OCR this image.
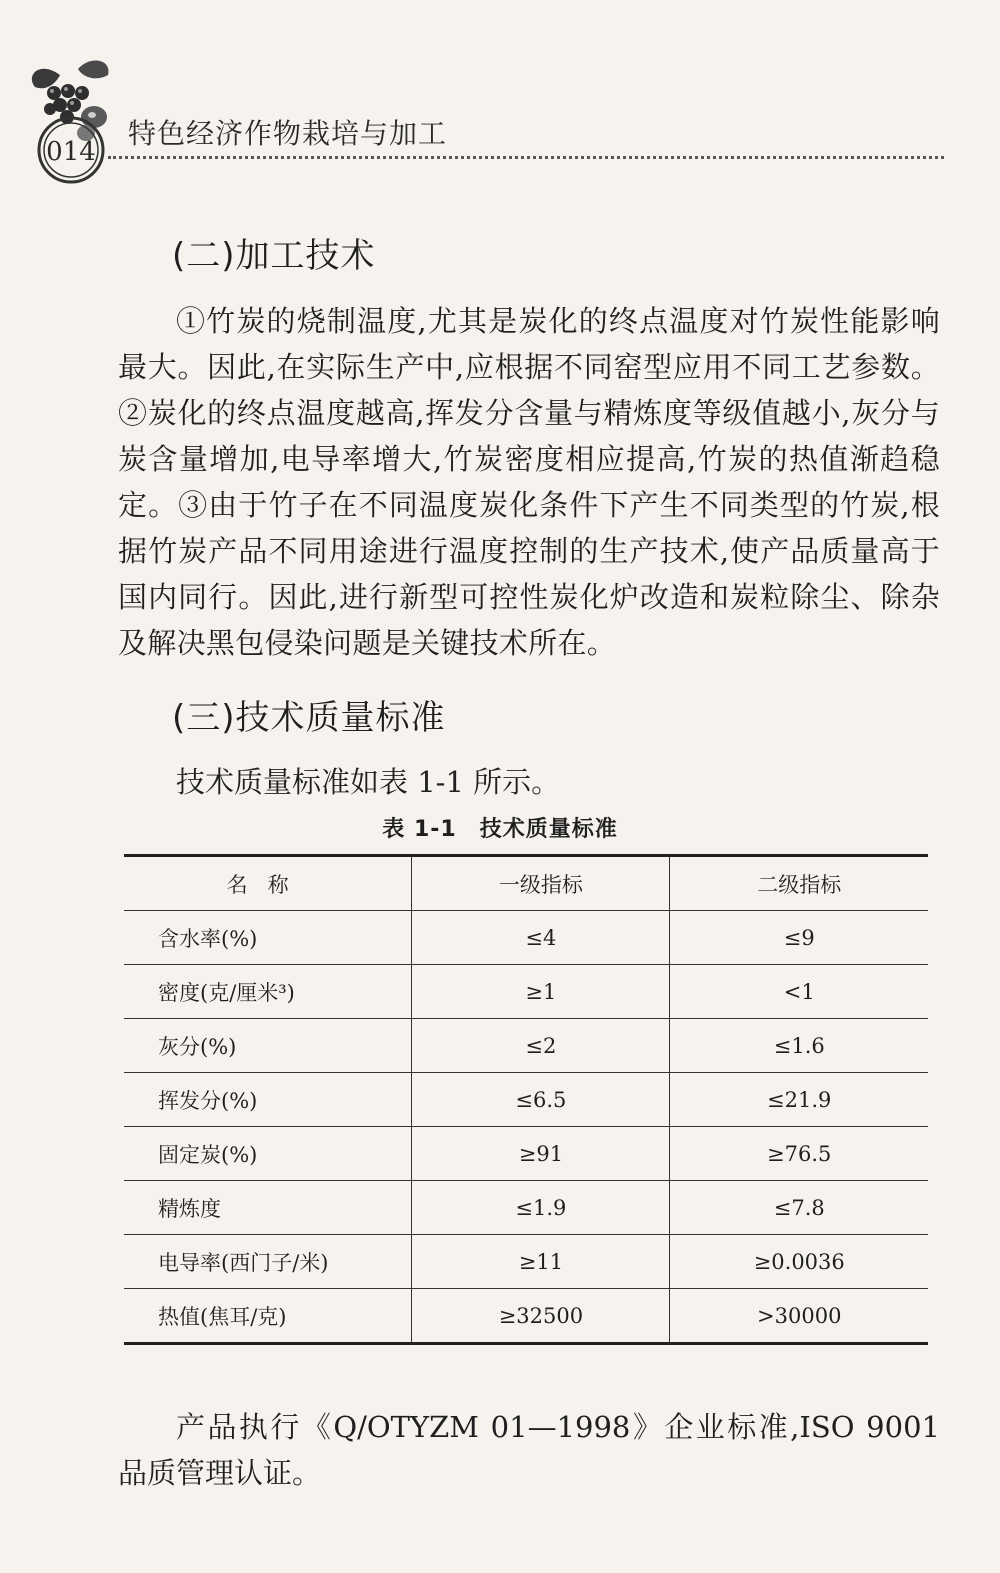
014
特色经济作物栽培与加工
(二)加工技术
①竹炭的烧制温度,尤其是炭化的终点温度对竹炭性能影响最大。因此,在实际生产中,应根据不同窑型应用不同工艺参数。②炭化的终点温度越高,挥发分含量与精炼度等级值越小,灰分与炭含量增加,电导率增大,竹炭密度相应提高,竹炭的热值渐趋稳定。③由于竹子在不同温度炭化条件下产生不同类型的竹炭,根据竹炭产品不同用途进行温度控制的生产技术,使产品质量高于国内同行。因此,进行新型可控性炭化炉改造和炭粒除尘、除杂及解决黑包侵染问题是关键技术所在。
(三)技术质量标准
技术质量标准如表 1-1 所示。
表 1-1　技术质量标准
名称	一级指标	二级指标
含水率(%)	≤4	≤9
密度(克/厘米³)	≥1	<1
灰分(%)	≤2	≤1.6
挥发分(%)	≤6.5	≤21.9
固定炭(%)	≥91	≥76.5
精炼度	≤1.9	≤7.8
电导率(西门子/米)	≥11	≥0.0036
热值(焦耳/克)	≥32500	>30000
产品执行《Q/OTYZM 01—1998》企业标准,ISO 9001 品质管理认证。
